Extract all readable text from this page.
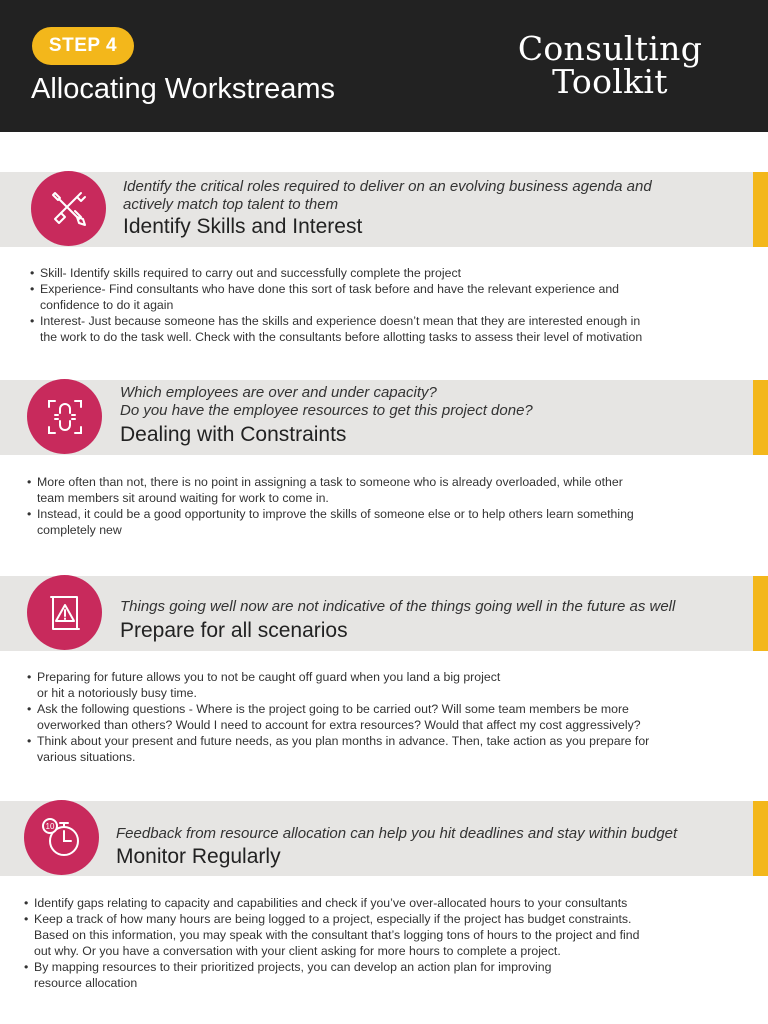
STEP 4
Allocating Workstreams
Consulting
Toolkit
Identify the critical roles required to deliver on an evolving business agenda and
actively match top talent to them
Identify Skills and Interest
• Skill- Identify skills required to carry out and successfully complete the project
• Experience- Find consultants who have done this sort of task before and have the relevant experience and
confidence to do it again
• Interest- Just because someone has the skills and experience doesn’t mean that they are interested enough in
the work to do the task well. Check with the consultants before allotting tasks to assess their level of motivation
Which employees are over and under capacity?
Do you have the employee resources to get this project done?
Dealing with Constraints
• More often than not, there is no point in assigning a task to someone who is already overloaded, while other
team members sit around waiting for work to come in.
• Instead, it could be a good opportunity to improve the skills of someone else or to help others learn something
completely new
Things going well now are not indicative of the things going well in the future as well
Prepare for all scenarios
• Preparing for future allows you to not be caught off guard when you land a big project
or hit a notoriously busy time.
• Ask the following questions - Where is the project going to be carried out? Will some team members be more
overworked than others? Would I need to account for extra resources? Would that affect my cost aggressively?
• Think about your present and future needs, as you plan months in advance. Then, take action as you prepare for
various situations.
Feedback from resource allocation can help you hit deadlines and stay within budget
Monitor Regularly
10
• Identify gaps relating to capacity and capabilities and check if you’ve over-allocated hours to your consultants
• Keep a track of how many hours are being logged to a project, especially if the project has budget constraints.
Based on this information, you may speak with the consultant that’s logging tons of hours to the project and find
out why. Or you have a conversation with your client asking for more hours to complete a project.
• By mapping resources to their prioritized projects, you can develop an action plan for improving
resource allocation
